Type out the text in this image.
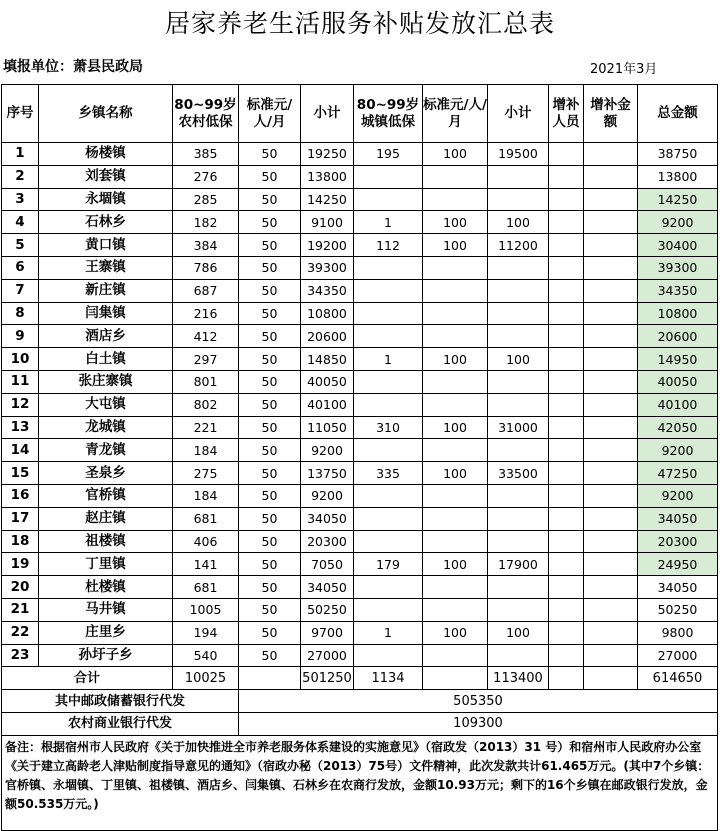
居家养老生活服务补贴发放汇总表
填报单位：萧县民政局	2021年3月
序号	乡镇名称	80~99岁农村低保	标准元/人/月	小计	80~99岁城镇低保	标准元/人/月	小计	增补人员	增补金额	总金额
1	杨楼镇	385	50	19250	195	100	19500			38750
2	刘套镇	276	50	13800						13800
3	永堌镇	285	50	14250						14250
4	石林乡	182	50	9100	1	100	100			9200
5	黄口镇	384	50	19200	112	100	11200			30400
6	王寨镇	786	50	39300						39300
7	新庄镇	687	50	34350						34350
8	闫集镇	216	50	10800						10800
9	酒店乡	412	50	20600						20600
10	白土镇	297	50	14850	1	100	100			14950
11	张庄寨镇	801	50	40050						40050
12	大屯镇	802	50	40100						40100
13	龙城镇	221	50	11050	310	100	31000			42050
14	青龙镇	184	50	9200						9200
15	圣泉乡	275	50	13750	335	100	33500			47250
16	官桥镇	184	50	9200						9200
17	赵庄镇	681	50	34050						34050
18	祖楼镇	406	50	20300						20300
19	丁里镇	141	50	7050	179	100	17900			24950
20	杜楼镇	681	50	34050						34050
21	马井镇	1005	50	50250						50250
22	庄里乡	194	50	9700	1	100	100			9800
23	孙圩子乡	540	50	27000						27000
合计		10025		501250	1134		113400			614650
其中邮政储蓄银行代发			505350							
农村商业银行代发			109300							
备注：根据宿州市人民政府《关于加快推进全市养老服务体系建设的实施意见》（宿政发（2013）31 号）和宿州市人民政府办公室《关于建立高龄老人津贴制度指导意见的通知》（宿政办秘（2013）75号）文件精神，此次发款共计61.465万元。(其中7个乡镇：官桥镇、永堌镇、丁里镇、祖楼镇、酒店乡、闫集镇、石林乡在农商行发放，金额10.93万元；剩下的16个乡镇在邮政银行发放，金额50.535万元。)										
